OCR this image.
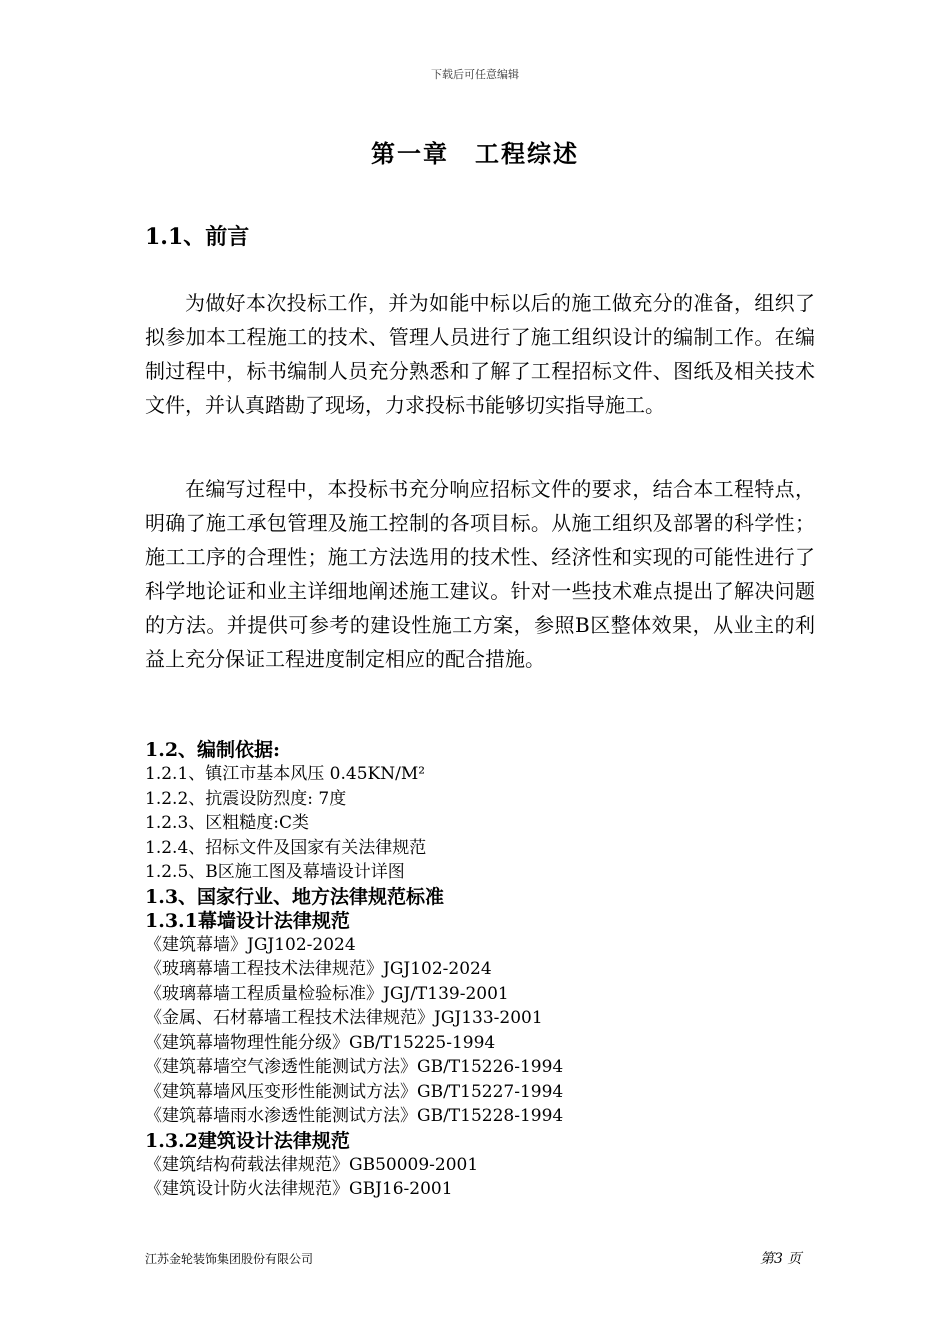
下载后可任意编辑
第一章　工程综述
1.1、前言

为做好本次投标工作，并为如能中标以后的施工做充分的准备，组织了拟参加本工程施工的技术、管理人员进行了施工组织设计的编制工作。在编制过程中，标书编制人员充分熟悉和了解了工程招标文件、图纸及相关技术文件，并认真踏勘了现场，力求投标书能够切实指导施工。

在编写过程中，本投标书充分响应招标文件的要求，结合本工程特点，明确了施工承包管理及施工控制的各项目标。从施工组织及部署的科学性；施工工序的合理性；施工方法选用的技术性、经济性和实现的可能性进行了科学地论证和业主详细地阐述施工建议。针对一些技术难点提出了解决问题的方法。并提供可参考的建设性施工方案，参照B区整体效果，从业主的利益上充分保证工程进度制定相应的配合措施。

1.2、编制依据:
1.2.1、镇江市基本风压 0.45KN/M²
1.2.2、抗震设防烈度: 7度
1.2.3、区粗糙度:C类
1.2.4、招标文件及国家有关法律规范
1.2.5、B区施工图及幕墙设计详图
1.3、国家行业、地方法律规范标准
1.3.1幕墙设计法律规范
《建筑幕墙》JGJ102-2024
《玻璃幕墙工程技术法律规范》JGJ102-2024
《玻璃幕墙工程质量检验标准》JGJ/T139-2001
《金属、石材幕墙工程技术法律规范》JGJ133-2001
《建筑幕墙物理性能分级》GB/T15225-1994
《建筑幕墙空气渗透性能测试方法》GB/T15226-1994
《建筑幕墙风压变形性能测试方法》GB/T15227-1994
《建筑幕墙雨水渗透性能测试方法》GB/T15228-1994
1.3.2建筑设计法律规范
《建筑结构荷载法律规范》GB50009-2001
《建筑设计防火法律规范》GBJ16-2001
江苏金轮装饰集团股份有限公司	第3 页
